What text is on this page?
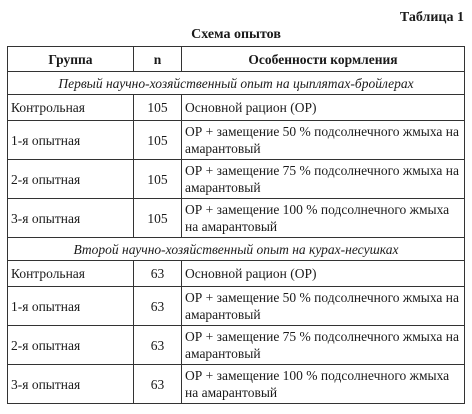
Таблица 1
Схема опытов
Группа	n	Особенности кормления
Первый научно-хозяйственный опыт на цыплятах-бройлерах		
Контрольная	105	Основной рацион (ОР)
1-я опытная	105	ОР + замещение 50 % подсолнечного жмыха на амарантовый
2-я опытная	105	ОР + замещение 75 % подсолнечного жмыха на амарантовый
3-я опытная	105	ОР + замещение 100 % подсолнечного жмыха на амарантовый
Второй научно-хозяйственный опыт на курах-несушках		
Контрольная	63	Основной рацион (ОР)
1-я опытная	63	ОР + замещение 50 % подсолнечного жмыха на амарантовый
2-я опытная	63	ОР + замещение 75 % подсолнечного жмыха на амарантовый
3-я опытная	63	ОР + замещение 100 % подсолнечного жмыха на амарантовый
